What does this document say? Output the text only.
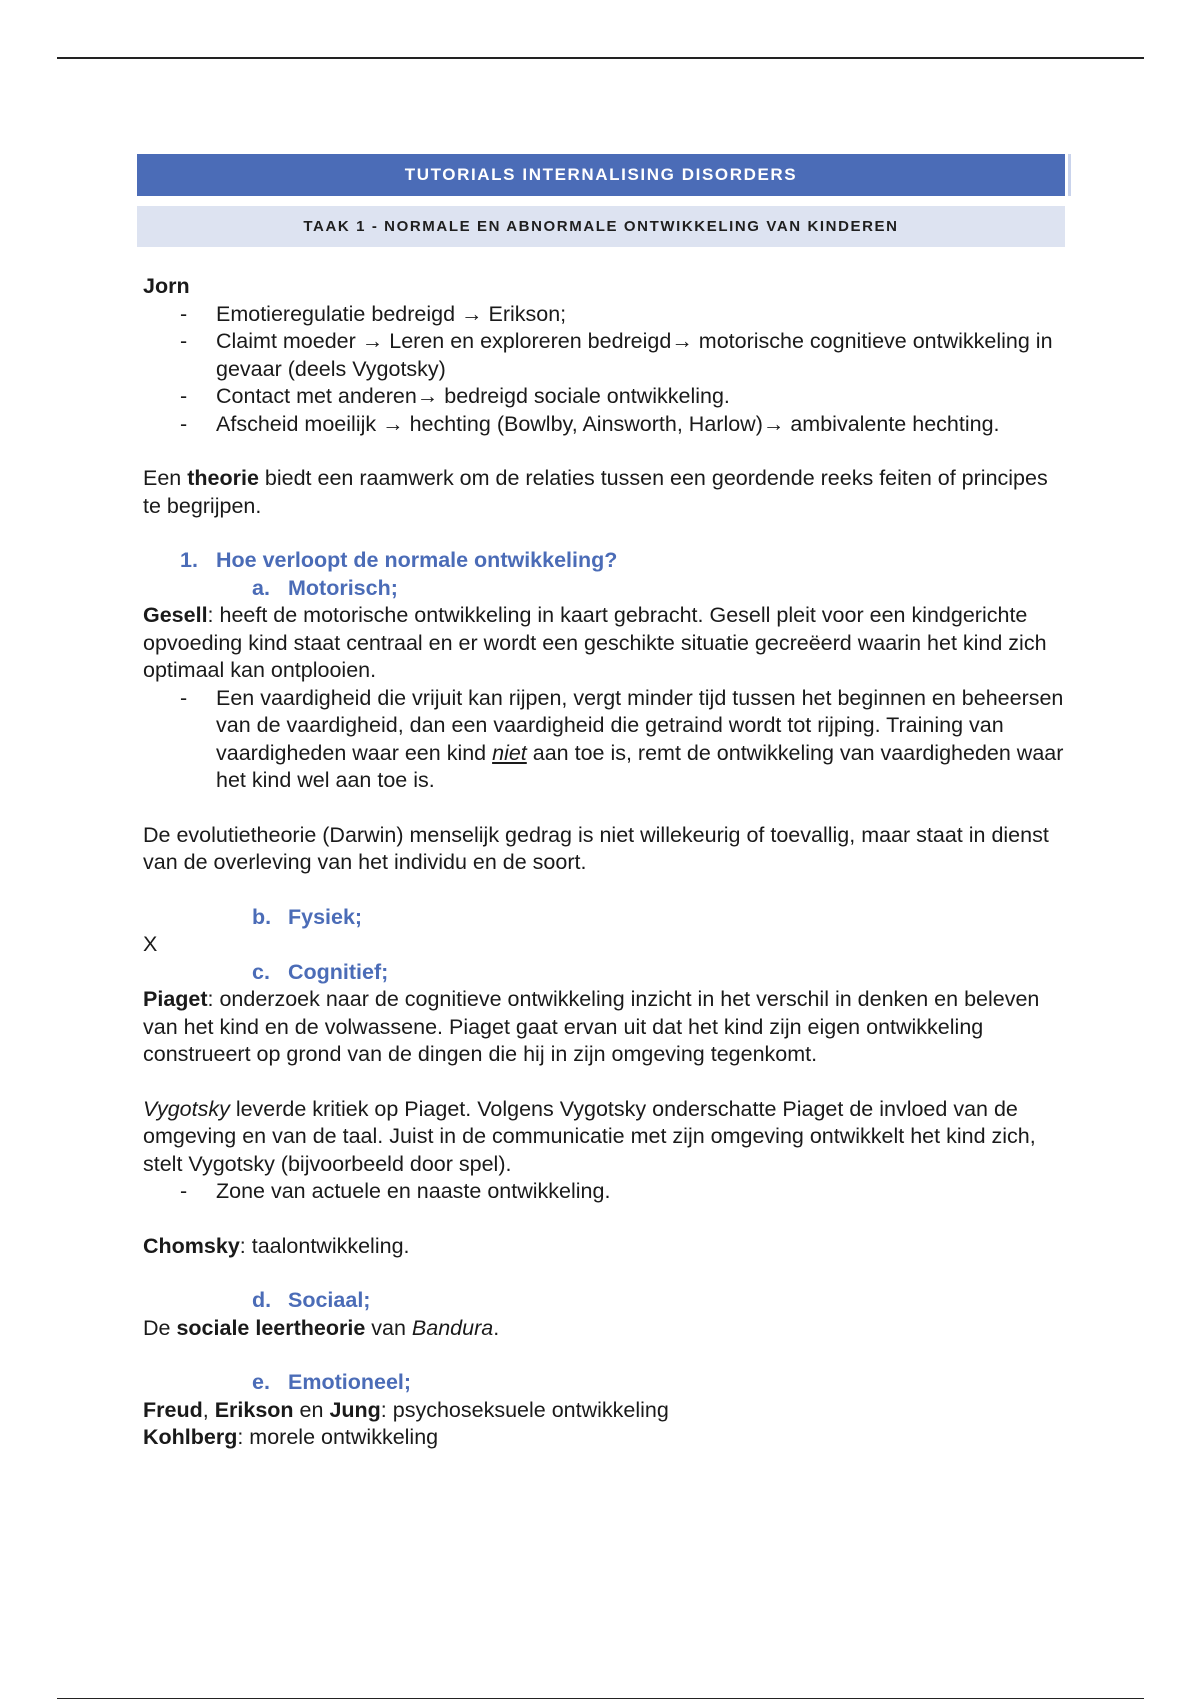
TUTORIALS INTERNALISING DISORDERS
TAAK 1 - NORMALE EN ABNORMALE ONTWIKKELING VAN KINDEREN

Jorn

- Emotieregulatie bedreigd → Erikson;
- Claimt moeder → Leren en exploreren bedreigd→ motorische cognitieve ontwikkeling in gevaar (deels Vygotsky)
- Contact met anderen→ bedreigd sociale ontwikkeling.
- Afscheid moeilijk → hechting (Bowlby, Ainsworth, Harlow)→ ambivalente hechting.

Een theorie biedt een raamwerk om de relaties tussen een geordende reeks feiten of principes te begrijpen.

1. Hoe verloopt de normale ontwikkeling?

a. Motorisch;

Gesell: heeft de motorische ontwikkeling in kaart gebracht. Gesell pleit voor een kindgerichte opvoeding kind staat centraal en er wordt een geschikte situatie gecreëerd waarin het kind zich optimaal kan ontplooien.

- Een vaardigheid die vrijuit kan rijpen, vergt minder tijd tussen het beginnen en beheersen van de vaardigheid, dan een vaardigheid die getraind wordt tot rijping. Training van vaardigheden waar een kind niet aan toe is, remt de ontwikkeling van vaardigheden waar het kind wel aan toe is.

De evolutietheorie (Darwin) menselijk gedrag is niet willekeurig of toevallig, maar staat in dienst van de overleving van het individu en de soort.

b. Fysiek;

X

c. Cognitief;

Piaget: onderzoek naar de cognitieve ontwikkeling inzicht in het verschil in denken en beleven van het kind en de volwassene. Piaget gaat ervan uit dat het kind zijn eigen ontwikkeling construeert op grond van de dingen die hij in zijn omgeving tegenkomt.

Vygotsky leverde kritiek op Piaget. Volgens Vygotsky onderschatte Piaget de invloed van de omgeving en van de taal. Juist in de communicatie met zijn omgeving ontwikkelt het kind zich, stelt Vygotsky (bijvoorbeeld door spel).

- Zone van actuele en naaste ontwikkeling.

Chomsky: taalontwikkeling.

d. Sociaal;

De sociale leertheorie van Bandura.

e. Emotioneel;

Freud, Erikson en Jung: psychoseksuele ontwikkeling

Kohlberg: morele ontwikkeling
